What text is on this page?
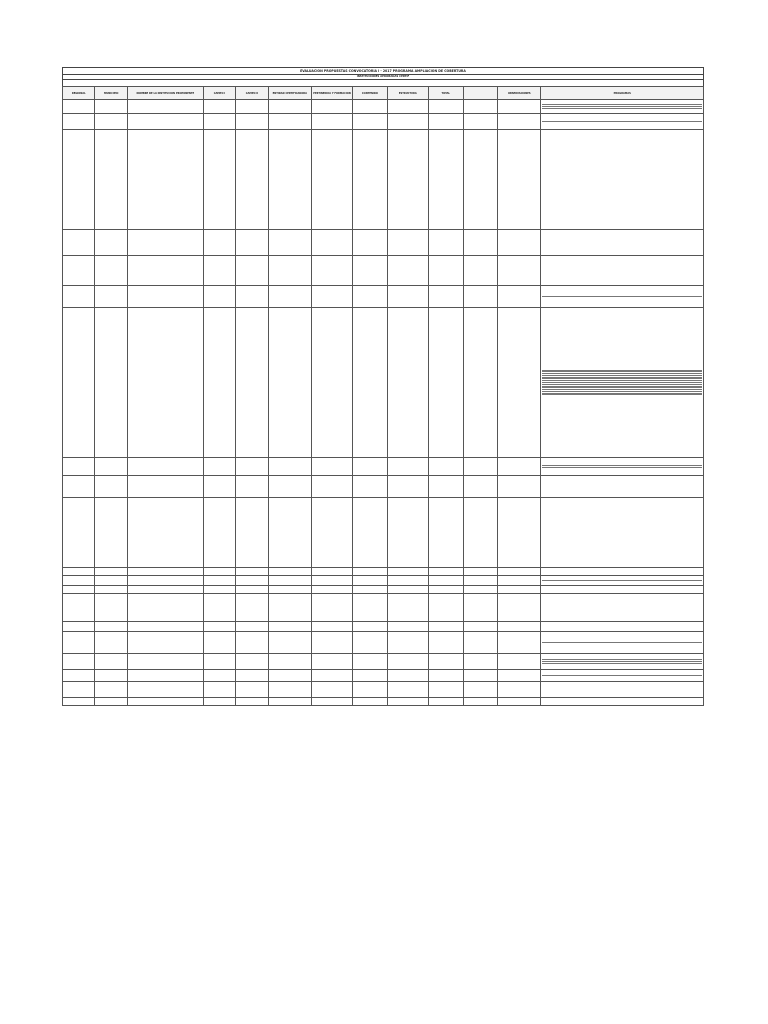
EVALUACION PROPUESTAS CONVOCATORIA I - 2017 PROGRAMA AMPLIACION DE COBERTURA
INSTITUCIONES APROBADAS CERTIF
REGIONAL	MUNICIPIO	NOMBRE DE LA INSTITUCION PROPONENTE	CAMPO I	CAMPO II	ENTIDAD CERTIFICADORA	PERTINENCIA Y FORMACION	CONTENIDO	ESTRUCTURA	TOTAL		OBSERVACIONES	PROGRAMAS
